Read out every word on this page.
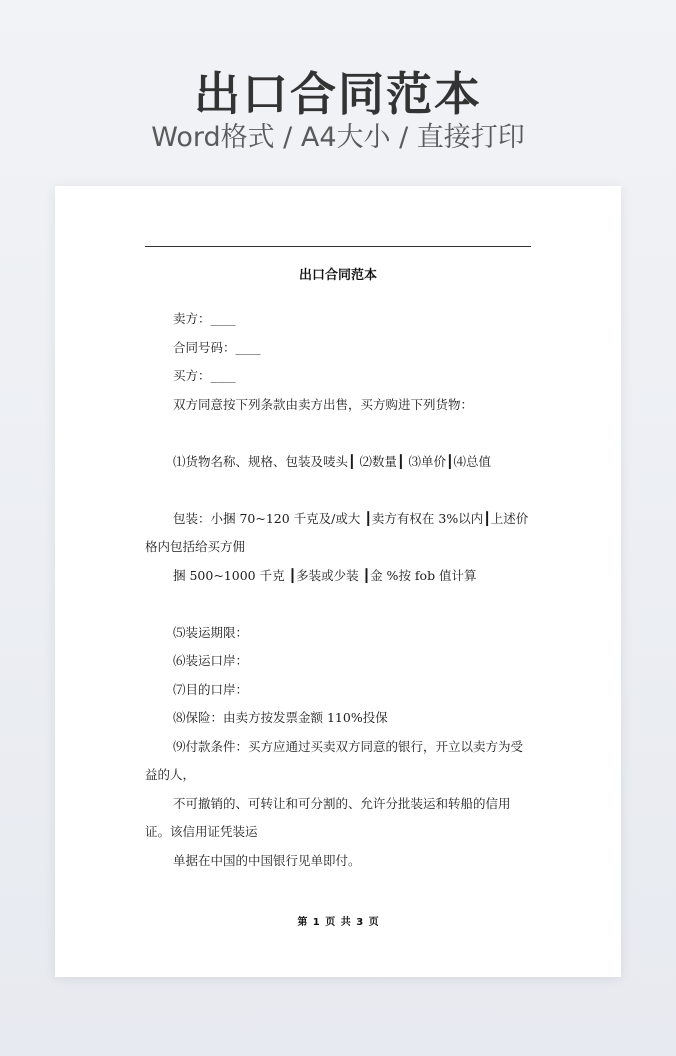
出口合同范本
Word格式 / A4大小 / 直接打印
出口合同范本

卖方：____

合同号码：____

买方：____

双方同意按下列条款由卖方出售，买方购进下列货物：

⑴货物名称、规格、包装及唛头┃ ⑵数量┃ ⑶单价┃⑷总值

包装：小捆 70~120 千克及/或大 ┃卖方有权在 3%以内┃上述价格内包括给买方佣

捆 500~1000 千克 ┃多装或少装 ┃金 %按 fob 值计算

⑸装运期限：

⑹装运口岸：

⑺目的口岸：

⑻保险：由卖方按发票金额 110%投保

⑼付款条件：买方应通过买卖双方同意的银行，开立以卖方为受益的人，

不可撤销的、可转让和可分割的、允许分批装运和转船的信用证。该信用证凭装运

单据在中国的中国银行见单即付。

第 1 页 共 3 页
